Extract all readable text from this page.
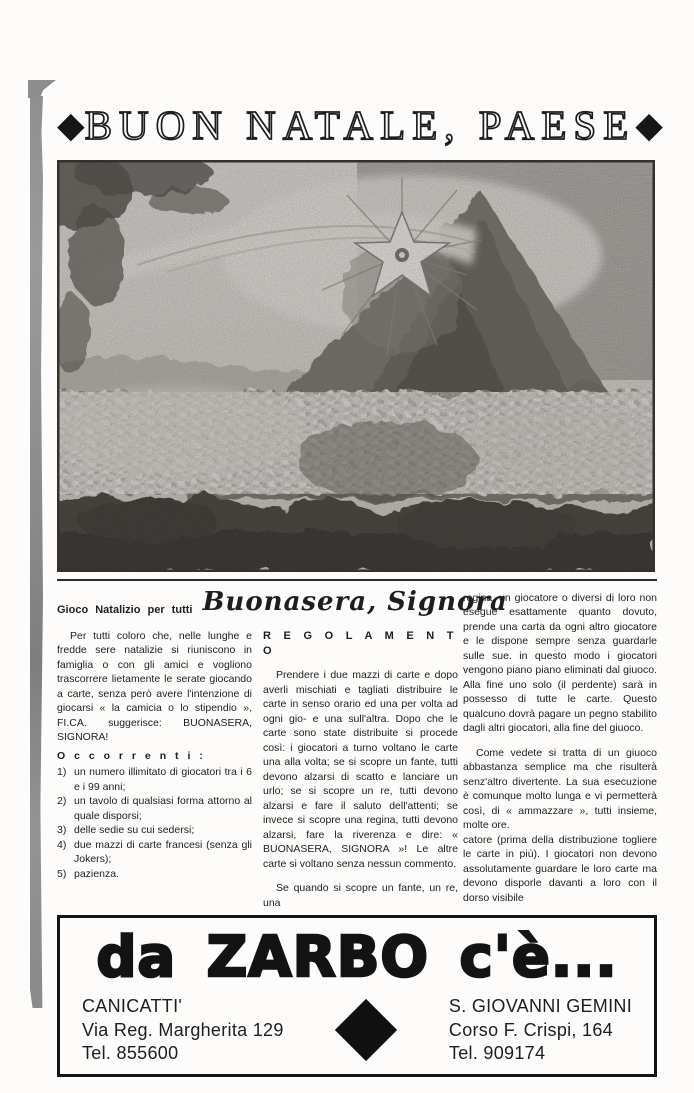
◆ BUON NATALE, PAESE ◆
Gioco Natalizio per tutti Buonasera, Signora

Per tutti coloro che, nelle lunghe e fredde sere natalizie si riuniscono in famiglia o con gli amici e vogliono trascorrere lietamente le serate giocando a carte, senza però avere l'intenzione di giocarsi « la camicia o lo stipendio », FI.CA. suggerisce: BUONASERA, SIGNORA!

O c c o r r e n t i :
1) un numero illimitato di giocatori tra i 6 e i 99 anni;
2) un tavolo di qualsiasi forma attorno al quale disporsi;
3) delle sedie su cui sedersi;
4) due mazzi di carte francesi (senza gli Jokers);
5) pazienza.
R E G O L A M E N T O

Prendere i due mazzi di carte e dopo averli mischiati e tagliati distribuire le carte in senso orario ed una per volta ad ogni gio- e una sull'altra. Dopo che le carte sono state distribuite si procede così: i giocatori a turno voltano le carte una alla volta; se si scopre un fante, tutti devono alzarsi di scatto e lanciare un urlo; se si scopre un re, tutti devono alzarsi e fare il saluto dell'attenti; se invece si scopre una regina, tutti devono alzarsi, fare la riverenza e dire: « BUONASERA, SIGNORA »! Le altre carte si voltano senza nessun commento.

Se quando si scopre un fante, un re, una

regina, un giocatore o diversi di loro non esegue esattamente quanto dovuto, prende una carta da ogni altro giocatore e le dispone sempre senza guardarle sulle sue. in questo modo i giocatori vengono piano piano eliminati dal giuoco. Alla fine uno solo (il perdente) sarà in possesso di tutte le carte. Questo qualcuno dovrà pagare un pegno stabilito dagli altri giocatori, alla fine del giuoco.

Come vedete si tratta di un giuoco abbastanza semplice ma che risulterà senz'altro divertente. La sua esecuzione è comunque molto lunga e vi permetterà così, di « ammazzare », tutti insieme, molte ore.

catore (prima della distribuzione togliere le carte in più). I giocatori non devono assolutamente guardare le loro carte ma devono disporle davanti a loro con il dorso visibile

da ZARBO c'è...
CANICATTI'
Via Reg. Margherita 129
Tel. 855600
S. GIOVANNI GEMINI
Corso F. Crispi, 164
Tel. 909174
